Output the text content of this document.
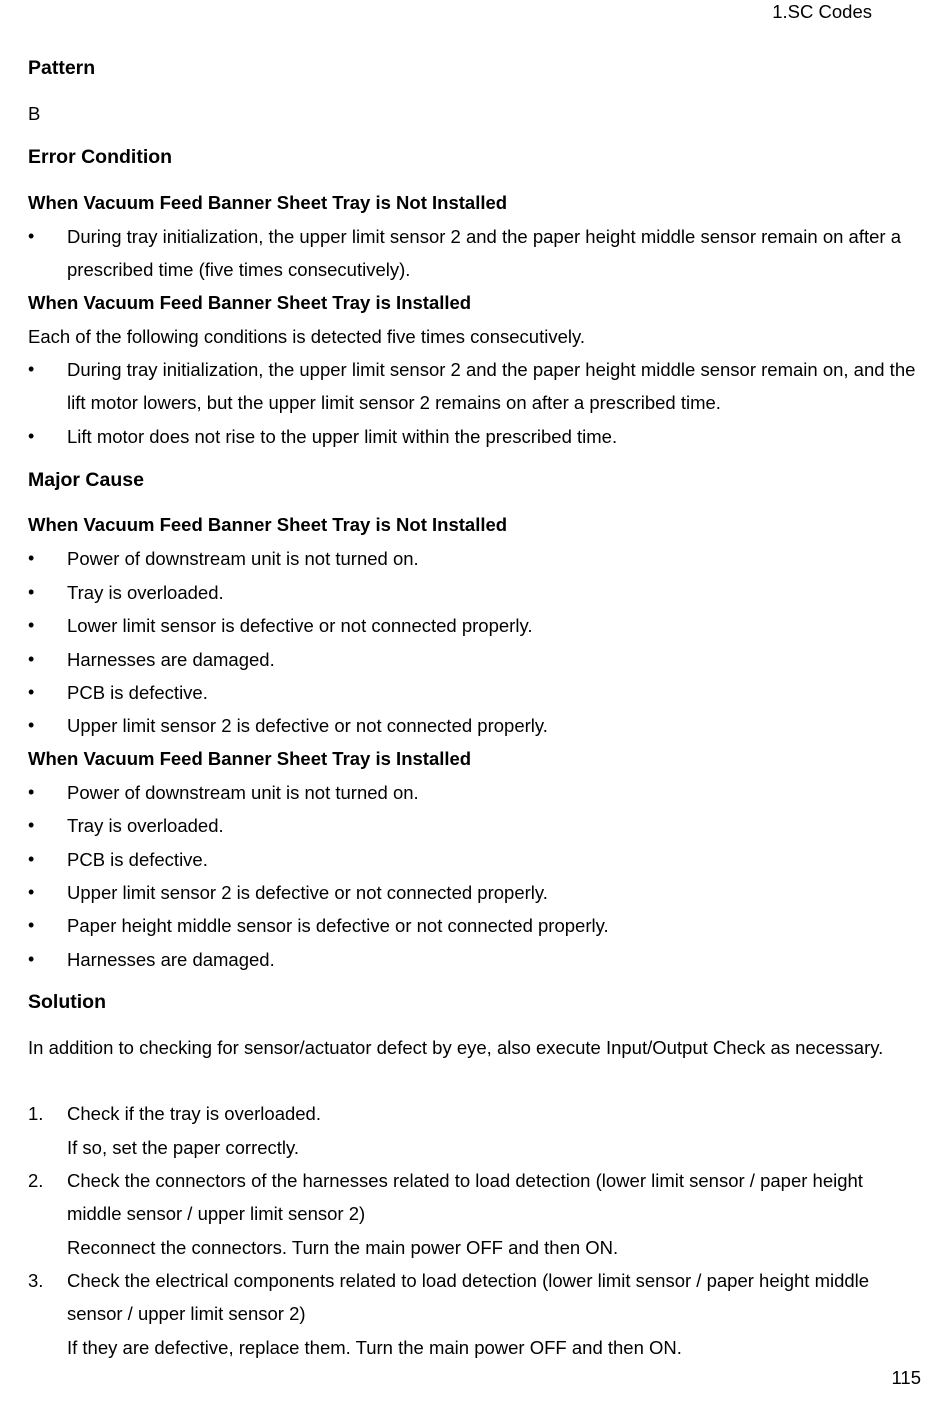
1.SC Codes
Pattern
B
Error Condition
When Vacuum Feed Banner Sheet Tray is Not Installed
•	During tray initialization, the upper limit sensor 2 and the paper height middle sensor remain on after a prescribed time (five times consecutively).
When Vacuum Feed Banner Sheet Tray is Installed
Each of the following conditions is detected five times consecutively.
•	During tray initialization, the upper limit sensor 2 and the paper height middle sensor remain on, and the lift motor lowers, but the upper limit sensor 2 remains on after a prescribed time.
•	Lift motor does not rise to the upper limit within the prescribed time.
Major Cause
When Vacuum Feed Banner Sheet Tray is Not Installed
•	Power of downstream unit is not turned on.
•	Tray is overloaded.
•	Lower limit sensor is defective or not connected properly.
•	Harnesses are damaged.
•	PCB is defective.
•	Upper limit sensor 2 is defective or not connected properly.
When Vacuum Feed Banner Sheet Tray is Installed
•	Power of downstream unit is not turned on.
•	Tray is overloaded.
•	PCB is defective.
•	Upper limit sensor 2 is defective or not connected properly.
•	Paper height middle sensor is defective or not connected properly.
•	Harnesses are damaged.
Solution
In addition to checking for sensor/actuator defect by eye, also execute Input/Output Check as necessary.
1.	Check if the tray is overloaded.
If so, set the paper correctly.
2.	Check the connectors of the harnesses related to load detection (lower limit sensor / paper height middle sensor / upper limit sensor 2)
Reconnect the connectors. Turn the main power OFF and then ON.
3.	Check the electrical components related to load detection (lower limit sensor / paper height middle sensor / upper limit sensor 2)
If they are defective, replace them. Turn the main power OFF and then ON.
115
